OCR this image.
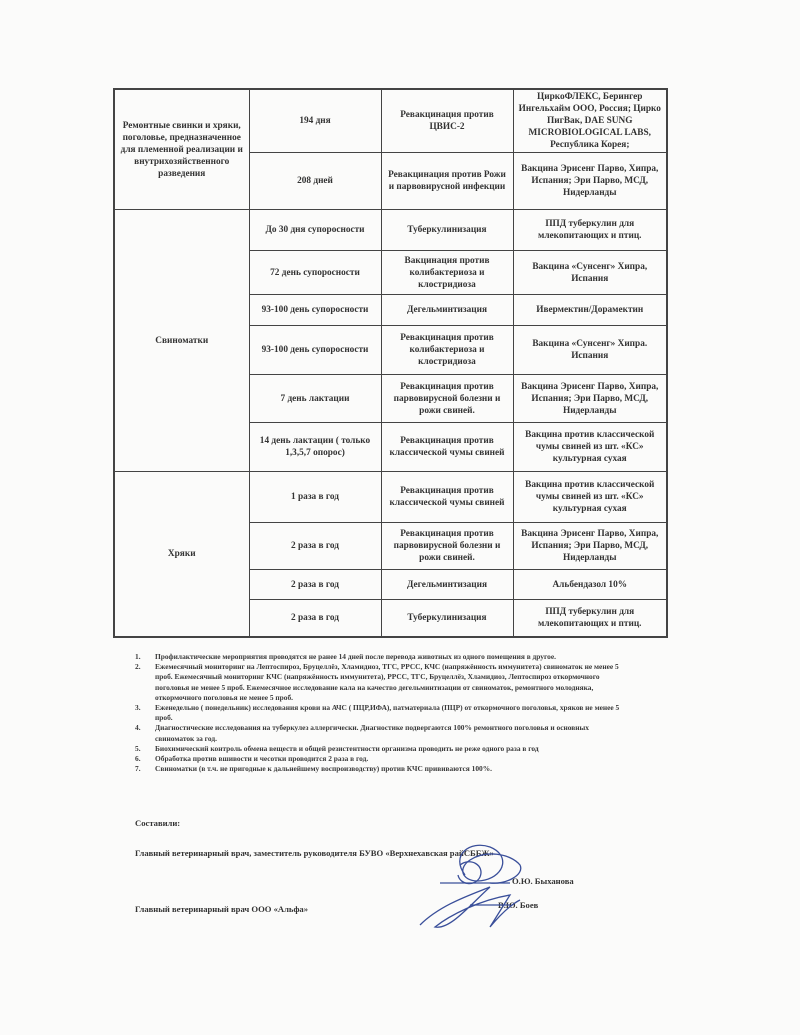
Ремонтные свинки и хряки, поголовье, предназначенное для племенной реализации и внутрихозяйственного разведения	194 дня	Ревакцинация против ЦВИС-2	ЦиркоФЛЕКС, Берингер Ингельхайм ООО, Россия; Цирко ПигВак, DAE SUNG MICROBIOLOGICAL LABS, Республика Корея;
	208 дней	Ревакцинация против Рожи и парвовирусной инфекции	Вакцина Эрисенг Парво, Хипра, Испания; Эри Парво, МСД, Нидерланды
Свиноматки	До 30 дня супоросности	Туберкулинизация	ППД туберкулин для млекопитающих и птиц.
	72 день супоросности	Вакцинация против колибактериоза и клостридиоза	Вакцина «Сунсенг» Хипра, Испания
	93-100 день супоросности	Дегельминтизация	Ивермектин/Дорамектин
	93-100 день супоросности	Ревакцинация против колибактериоза и клостридиоза	Вакцина «Сунсенг» Хипра. Испания
	7 день лактации	Ревакцинация против парвовирусной болезни и рожи свиней.	Вакцина Эрисенг Парво, Хипра, Испания; Эри Парво, МСД, Нидерланды
	14 день лактации ( только 1,3,5,7 опорос)	Ревакцинация против классической чумы свиней	Вакцина против классической чумы свиней из шт. «КС» культурная сухая
Хряки	1 раза в год	Ревакцинация против классической чумы свиней	Вакцина против классической чумы свиней из шт. «КС» культурная сухая
	2 раза в год	Ревакцинация против парвовирусной болезни и рожи свиней.	Вакцина Эрисенг Парво, Хипра, Испания; Эри Парво, МСД, Нидерланды
	2 раза в год	Дегельминтизация	Альбендазол 10%
	2 раза в год	Туберкулинизация	ППД туберкулин для млекопитающих и птиц.
1.	Профилактические мероприятия проводятся не ранее 14 дней после перевода животных из одного помещения в другое.
2.	Ежемесячный мониторинг на Лептоспироз, Бруцеллёз, Хламидиоз, ТГС, РРСС, КЧС (напряжённость иммунитета) свиноматок не менее 5 проб. Ежемесячный мониторинг КЧС (напряжённость иммунитета), РРСС, ТГС, Бруцеллёз, Хламидиоз, Лептоспироз откормочного поголовья не менее 5 проб. Ежемесячное исследование кала на качество дегельминтизации от свиноматок, ремонтного молодняка, откормочного поголовья не менее 5 проб.
3.	Еженедельно ( понедельник) исследования крови на АЧС ( ПЦР,ИФА), патматериала (ПЦР) от откормочного поголовья, хряков не менее 5 проб.
4.	Диагностические исследования на туберкулез аллергически. Диагностике подвергаются 100% ремонтного поголовья и основных свиноматок за год.
5.	Биохимический контроль обмена веществ и общей резистентности организма проводить не реже одного раза в год
6.	Обработка против вшивости и чесотки проводится 2 раза в год.
7.	Свиноматки (в т.ч. не пригодные к дальнейшему воспроизводству) против КЧС прививаются 100%.
Составили:
Главный ветеринарный врач, заместитель руководителя БУВО «Верхнехавская райСББЖ»
О.Ю. Быханова
Главный ветеринарный врач ООО «Альфа»	В.Ю. Боев
